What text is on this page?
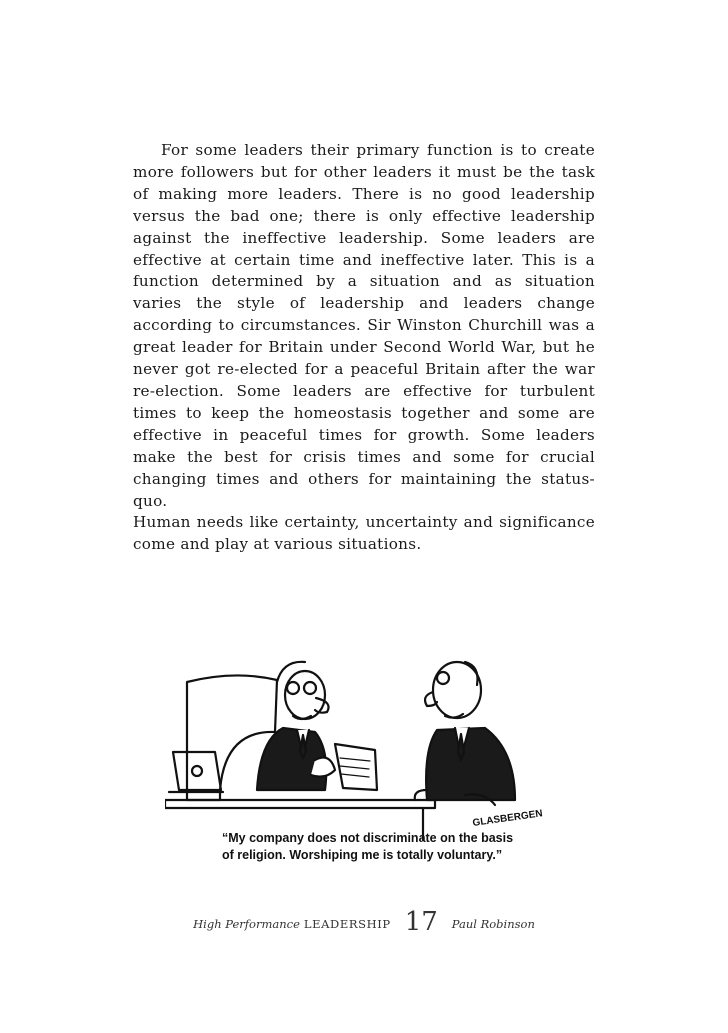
For some leaders their primary function is to create more followers but for other leaders it must be the task of making more leaders. There is no good leadership versus the bad one; there is only effective leadership against the ineffective leadership. Some leaders are effective at certain time and ineffective later. This is a function determined by a situation and as situation varies the style of leadership and leaders change according to circumstances. Sir Winston Churchill was a great leader for Britain under Second World War, but he never got re-elected for a peaceful Britain after the war re-election. Some leaders are effective for turbulent times to keep the homeostasis together and some are effective in peaceful times for growth. Some leaders make the best for crisis times and some for crucial changing times and others for maintaining the status-quo.

Human needs like certainty, uncertainty and significance come and play at various situations.

GLASBERGEN
“My company does not discriminate on the basis
of religion. Worshiping me is totally voluntary.”
High Performance LEADERSHIP 17 Paul Robinson
